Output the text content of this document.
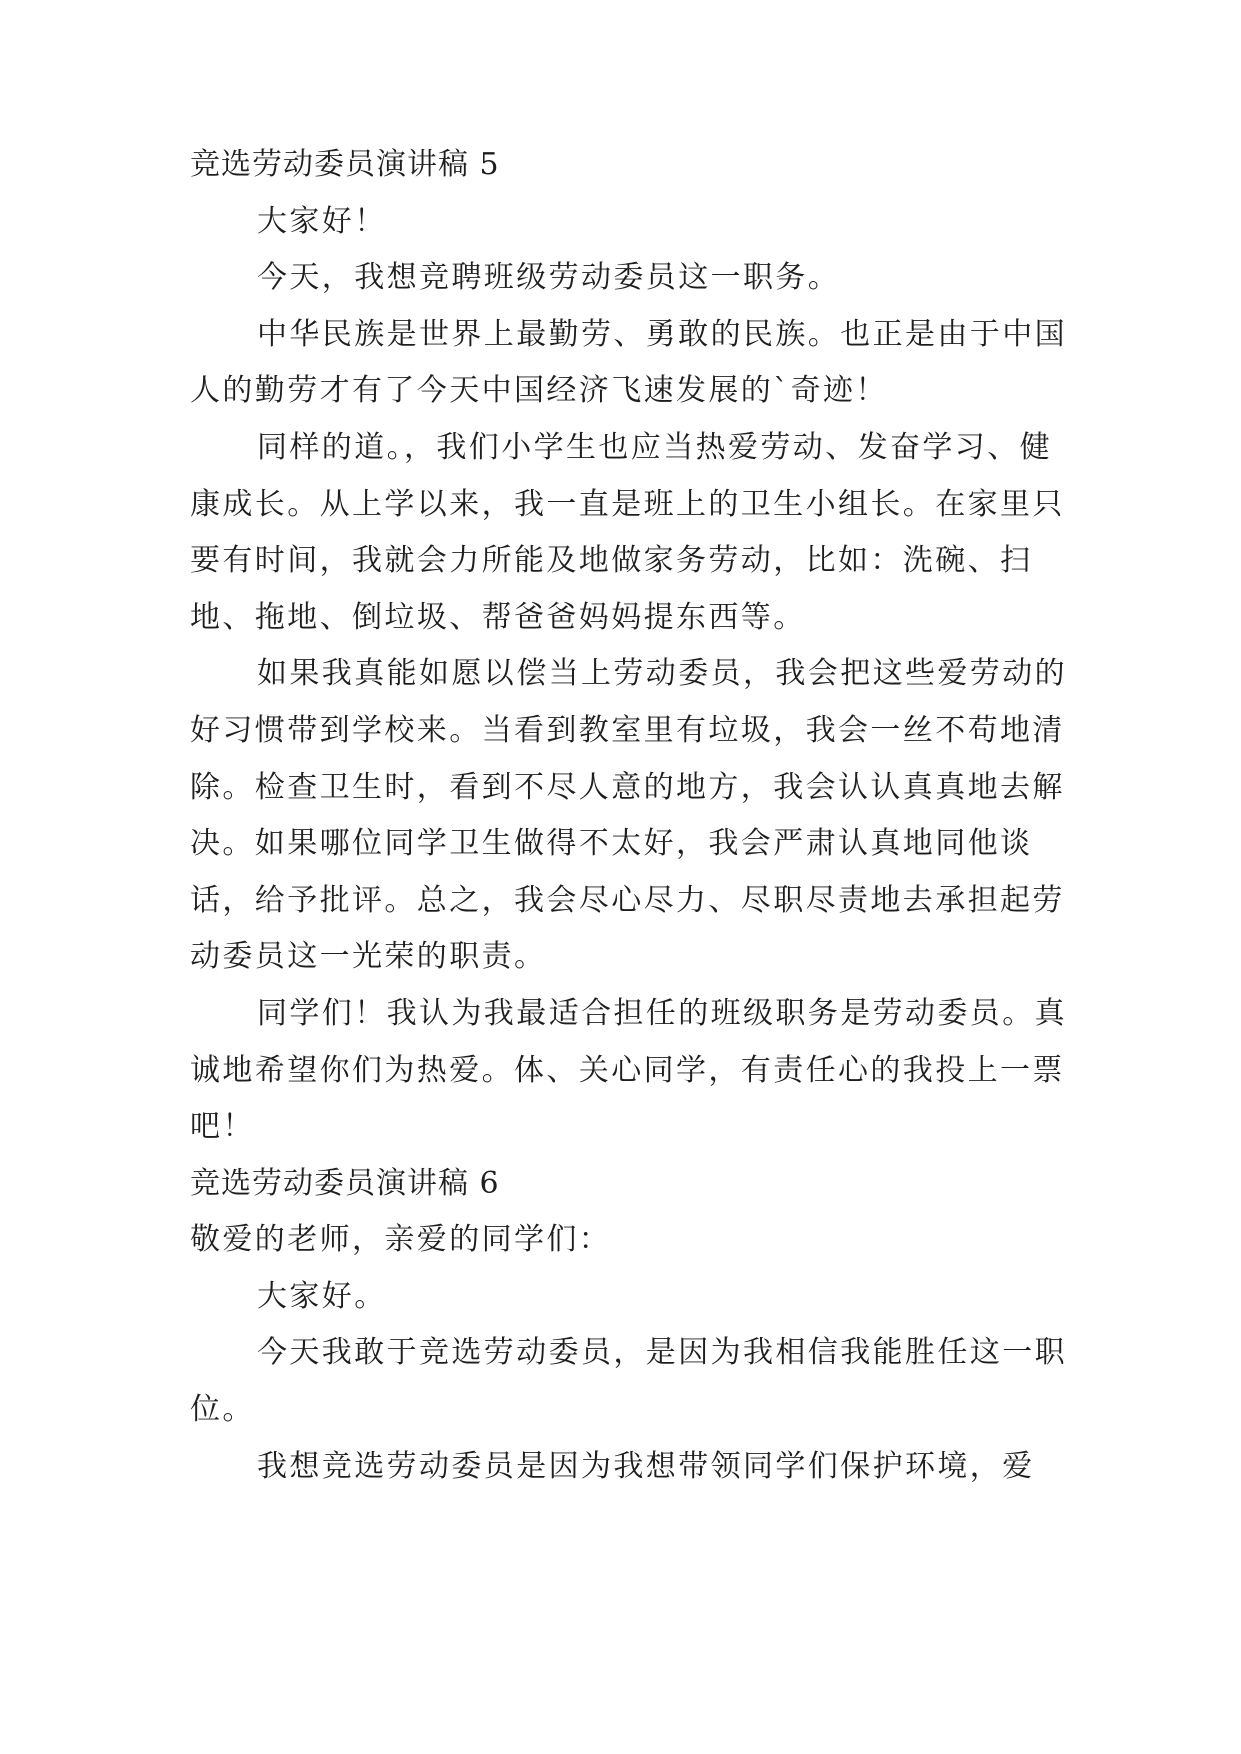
竞选劳动委员演讲稿 5

大家好！

今天，我想竞聘班级劳动委员这一职务。

中华民族是世界上最勤劳、勇敢的民族。也正是由于中国人的勤劳才有了今天中国经济飞速发展的`奇迹！

同样的道。，我们小学生也应当热爱劳动、发奋学习、健康成长。从上学以来，我一直是班上的卫生小组长。在家里只要有时间，我就会力所能及地做家务劳动，比如：洗碗、扫地、拖地、倒垃圾、帮爸爸妈妈提东西等。

如果我真能如愿以偿当上劳动委员，我会把这些爱劳动的好习惯带到学校来。当看到教室里有垃圾，我会一丝不苟地清除。检查卫生时，看到不尽人意的地方，我会认认真真地去解决。如果哪位同学卫生做得不太好，我会严肃认真地同他谈话，给予批评。总之，我会尽心尽力、尽职尽责地去承担起劳动委员这一光荣的职责。

同学们！我认为我最适合担任的班级职务是劳动委员。真诚地希望你们为热爱。体、关心同学，有责任心的我投上一票吧！

竞选劳动委员演讲稿 6

敬爱的老师，亲爱的同学们：

大家好。

今天我敢于竞选劳动委员，是因为我相信我能胜任这一职位。

我想竞选劳动委员是因为我想带领同学们保护环境，爱
